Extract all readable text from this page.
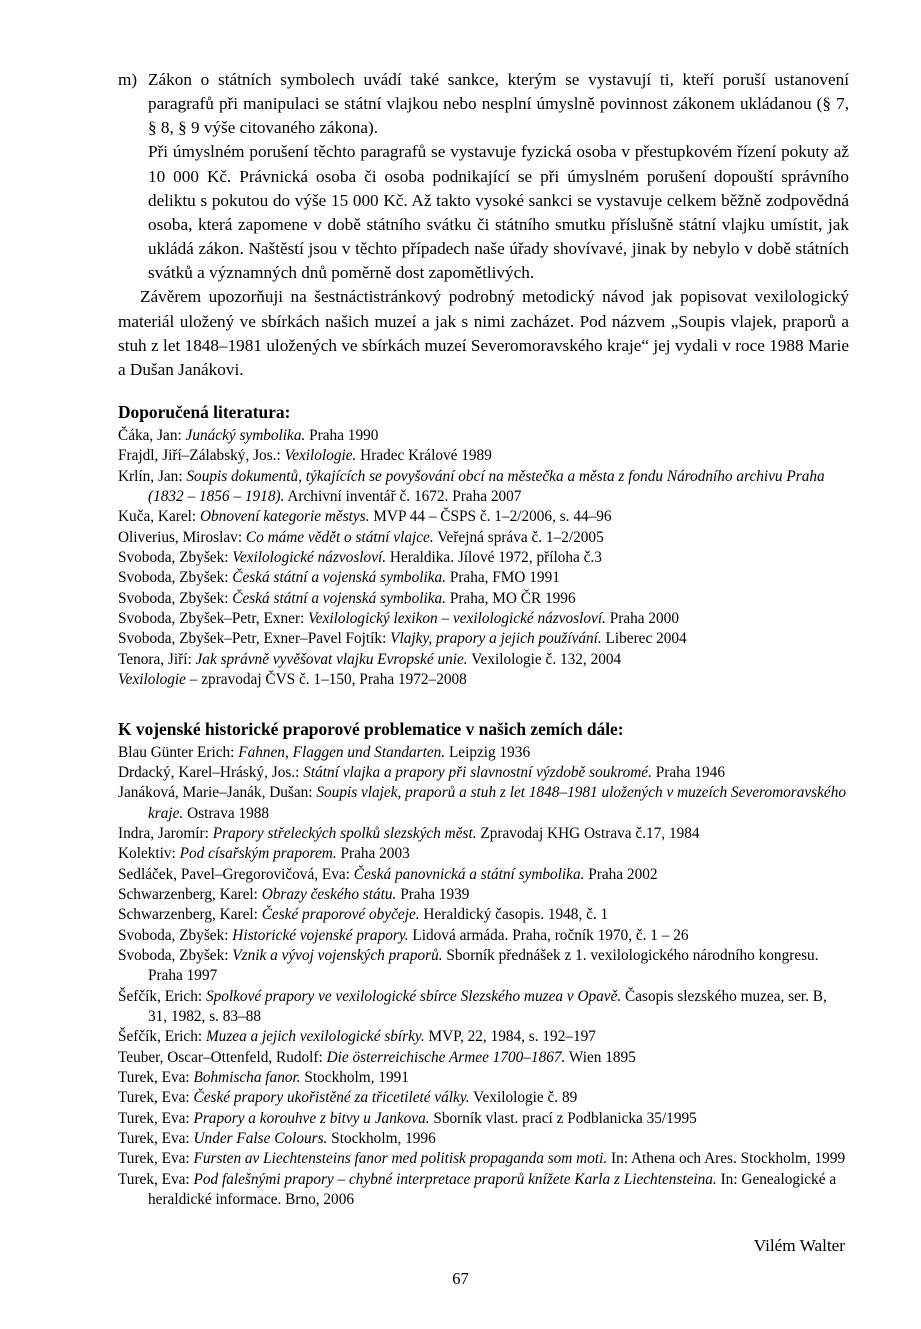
m) Zákon o státních symbolech uvádí také sankce, kterým se vystavují ti, kteří poruší ustanovení paragrafů při manipulaci se státní vlajkou nebo nesplní úmyslně povinnost zákonem ukládanou (§ 7, § 8, § 9 výše citovaného zákona).
Při úmyslném porušení těchto paragrafů se vystavuje fyzická osoba v přestupkovém řízení pokuty až 10 000 Kč. Právnická osoba či osoba podnikající se při úmyslném porušení dopouští správního deliktu s pokutou do výše 15 000 Kč. Až takto vysoké sankci se vystavuje celkem běžně zodpovědná osoba, která zapomene v době státního svátku či státního smutku příslušně státní vlajku umístit, jak ukládá zákon. Naštěstí jsou v těchto případech naše úřady shovívavé, jinak by nebylo v době státních svátků a významných dnů poměrně dost zapomětlivých.
Závěrem upozorňuji na šestnáctistránkový podrobný metodický návod jak popisovat vexilologický materiál uložený ve sbírkách našich muzeí a jak s nimi zacházet. Pod názvem „Soupis vlajek, praporů a stuh z let 1848–1981 uložených ve sbírkách muzeí Severomoravského kraje“ jej vydali v roce 1988 Marie a Dušan Janákovi.
Doporučená literatura:
Čáka, Jan: Junácký symbolika. Praha 1990
Frajdl, Jiří–Zálabský, Jos.: Vexilologie. Hradec Králové 1989
Krlín, Jan: Soupis dokumentů, týkajících se povyšování obcí na městečka a města z fondu Národního archivu Praha (1832 – 1856 – 1918). Archivní inventář č. 1672. Praha 2007
Kuča, Karel: Obnovení kategorie městys. MVP 44 – ČSPS č. 1–2/2006, s. 44–96
Oliverius, Miroslav: Co máme vědět o státní vlajce. Veřejná správa č. 1–2/2005
Svoboda, Zbyšek: Vexilologické názvosloví. Heraldika. Jílové 1972, příloha č.3
Svoboda, Zbyšek: Česká státní a vojenská symbolika. Praha, FMO 1991
Svoboda, Zbyšek: Česká státní a vojenská symbolika. Praha, MO ČR 1996
Svoboda, Zbyšek–Petr, Exner: Vexilologický lexikon – vexilologické názvosloví. Praha 2000
Svoboda, Zbyšek–Petr, Exner–Pavel Fojtík: Vlajky, prapory a jejich používání. Liberec 2004
Tenora, Jiří: Jak správně vyvěšovat vlajku Evropské unie. Vexilologie č. 132, 2004
Vexilologie – zpravodaj ČVS č. 1–150, Praha 1972–2008
K vojenské historické praporové problematice v našich zemích dále:
Blau Günter Erich: Fahnen, Flaggen und Standarten. Leipzig 1936
Drdacký, Karel–Hráský, Jos.: Státní vlajka a prapory při slavnostní výzdobě soukromé. Praha 1946
Janáková, Marie–Janák, Dušan: Soupis vlajek, praporů a stuh z let 1848–1981 uložených v muzeích Severomoravského kraje. Ostrava 1988
Indra, Jaromír: Prapory střeleckých spolků slezských měst. Zpravodaj KHG Ostrava č.17, 1984
Kolektiv: Pod císařským praporem. Praha 2003
Sedláček, Pavel–Gregorovičová, Eva: Česká panovnická a státní symbolika. Praha 2002
Schwarzenberg, Karel: Obrazy českého státu. Praha 1939
Schwarzenberg, Karel: České praporové obyčeje. Heraldický časopis. 1948, č. 1
Svoboda, Zbyšek: Historické vojenské prapory. Lidová armáda. Praha, ročník 1970, č. 1 – 26
Svoboda, Zbyšek: Vznik a vývoj vojenských praporů. Sborník přednášek z 1. vexilologického národního kongresu. Praha 1997
Šefčík, Erich: Spolkové prapory ve vexilologické sbírce Slezského muzea v Opavě. Časopis slezského muzea, ser. B, 31, 1982, s. 83–88
Šefčík, Erich: Muzea a jejich vexilologické sbírky. MVP, 22, 1984, s. 192–197
Teuber, Oscar–Ottenfeld, Rudolf: Die österreichische Armee 1700–1867. Wien 1895
Turek, Eva: Bohmischa fanor. Stockholm, 1991
Turek, Eva: České prapory ukořistěné za třicetileté války. Vexilologie č. 89
Turek, Eva: Prapory a korouhve z bitvy u Jankova. Sborník vlast. prací z Podblanicka 35/1995
Turek, Eva: Under False Colours. Stockholm, 1996
Turek, Eva: Fursten av Liechtensteins fanor med politisk propaganda som moti. In: Athena och Ares. Stockholm, 1999
Turek, Eva: Pod falešnými prapory – chybné interpretace praporů knížete Karla z Liechtensteina. In: Genealogické a heraldické informace. Brno, 2006
Vilém Walter
67
